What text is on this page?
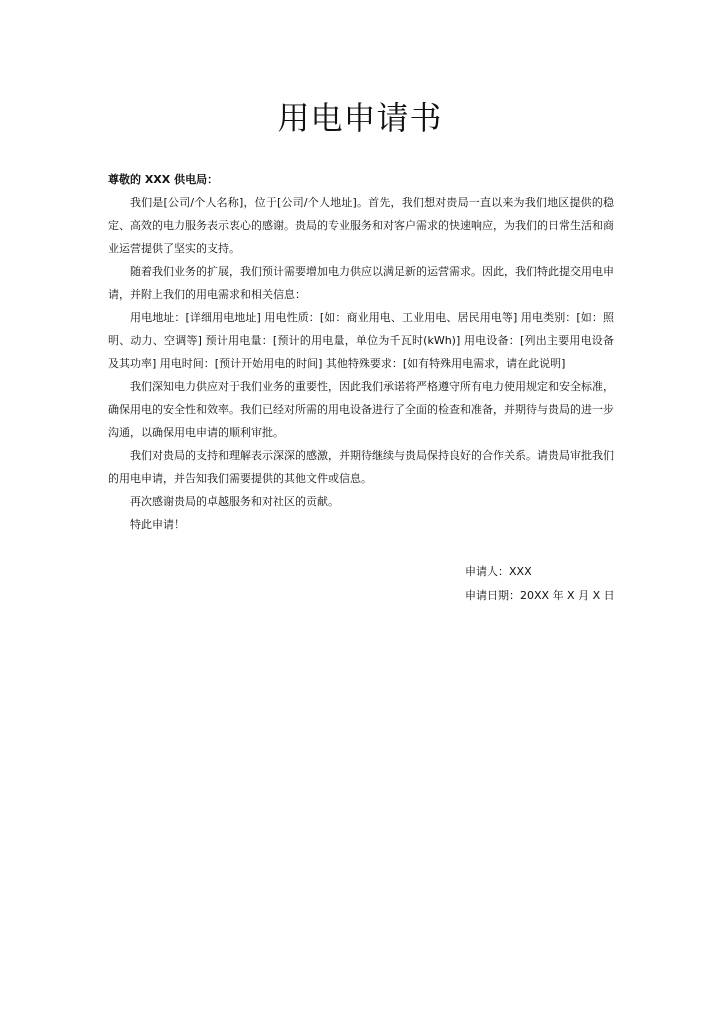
用电申请书

尊敬的 XXX 供电局：

我们是[公司/个人名称]，位于[公司/个人地址]。首先，我们想对贵局一直以来为我们地区提供的稳定、高效的电力服务表示衷心的感谢。贵局的专业服务和对客户需求的快速响应，为我们的日常生活和商业运营提供了坚实的支持。

随着我们业务的扩展，我们预计需要增加电力供应以满足新的运营需求。因此，我们特此提交用电申请，并附上我们的用电需求和相关信息：

用电地址：[详细用电地址] 用电性质：[如：商业用电、工业用电、居民用电等] 用电类别：[如：照明、动力、空调等] 预计用电量：[预计的用电量，单位为千瓦时(kWh)] 用电设备：[列出主要用电设备及其功率] 用电时间：[预计开始用电的时间] 其他特殊要求：[如有特殊用电需求，请在此说明]

我们深知电力供应对于我们业务的重要性，因此我们承诺将严格遵守所有电力使用规定和安全标准，确保用电的安全性和效率。我们已经对所需的用电设备进行了全面的检查和准备，并期待与贵局的进一步沟通，以确保用电申请的顺利审批。

我们对贵局的支持和理解表示深深的感激，并期待继续与贵局保持良好的合作关系。请贵局审批我们的用电申请，并告知我们需要提供的其他文件或信息。

再次感谢贵局的卓越服务和对社区的贡献。

特此申请！

申请人：XXX
申请日期：20XX 年 X 月 X 日
